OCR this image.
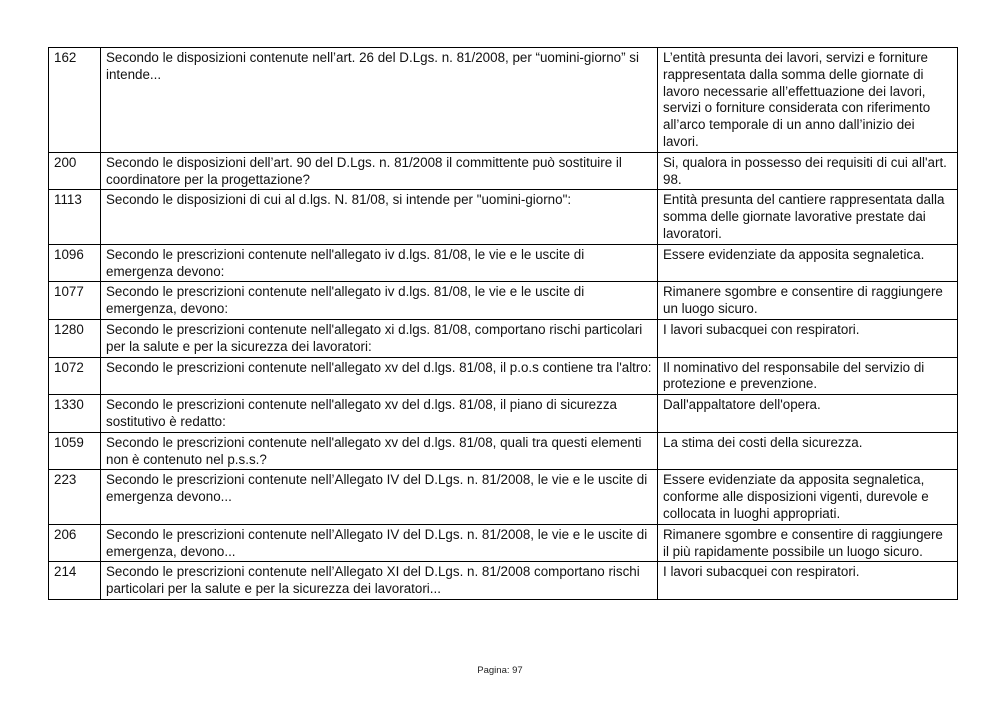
162	Secondo le disposizioni contenute nell’art. 26 del D.Lgs. n. 81/2008, per “uomini-giorno” si intende...	L’entità presunta dei lavori, servizi e forniture rappresentata dalla somma delle giornate di lavoro necessarie all’effettuazione dei lavori, servizi o forniture considerata con riferimento all’arco temporale di un anno dall’inizio dei lavori.
200	Secondo le disposizioni dell’art. 90 del D.Lgs. n. 81/2008 il committente può sostituire il coordinatore per la progettazione?	Si, qualora in possesso dei requisiti di cui all'art. 98.
1113	Secondo le disposizioni di cui al d.lgs. N. 81/08, si intende per "uomini-giorno":	Entità presunta del cantiere rappresentata dalla somma delle giornate lavorative prestate dai lavoratori.
1096	Secondo le prescrizioni contenute nell'allegato iv d.lgs. 81/08, le vie e le uscite di emergenza devono:	Essere evidenziate da apposita segnaletica.
1077	Secondo le prescrizioni contenute nell'allegato iv d.lgs. 81/08, le vie e le uscite di emergenza, devono:	Rimanere sgombre e consentire di raggiungere un luogo sicuro.
1280	Secondo le prescrizioni contenute nell'allegato xi d.lgs. 81/08, comportano rischi particolari per la salute e per la sicurezza dei lavoratori:	I lavori subacquei con respiratori.
1072	Secondo le prescrizioni contenute nell'allegato xv del d.lgs. 81/08, il p.o.s contiene tra l'altro:	Il nominativo del responsabile del servizio di protezione e prevenzione.
1330	Secondo le prescrizioni contenute nell'allegato xv del d.lgs. 81/08, il piano di sicurezza sostitutivo è redatto:	Dall'appaltatore dell'opera.
1059	Secondo le prescrizioni contenute nell'allegato xv del d.lgs. 81/08, quali tra questi elementi non è contenuto nel p.s.s.?	La stima dei costi della sicurezza.
223	Secondo le prescrizioni contenute nell’Allegato IV del D.Lgs. n. 81/2008, le vie e le uscite di emergenza devono...	Essere evidenziate da apposita segnaletica, conforme alle disposizioni vigenti, durevole e collocata in luoghi appropriati.
206	Secondo le prescrizioni contenute nell’Allegato IV del D.Lgs. n. 81/2008, le vie e le uscite di emergenza, devono...	Rimanere sgombre e consentire di raggiungere il più rapidamente possibile un luogo sicuro.
214	Secondo le prescrizioni contenute nell’Allegato XI del D.Lgs. n. 81/2008 comportano rischi particolari per la salute e per la sicurezza dei lavoratori...	I lavori subacquei con respiratori.
Pagina: 97
